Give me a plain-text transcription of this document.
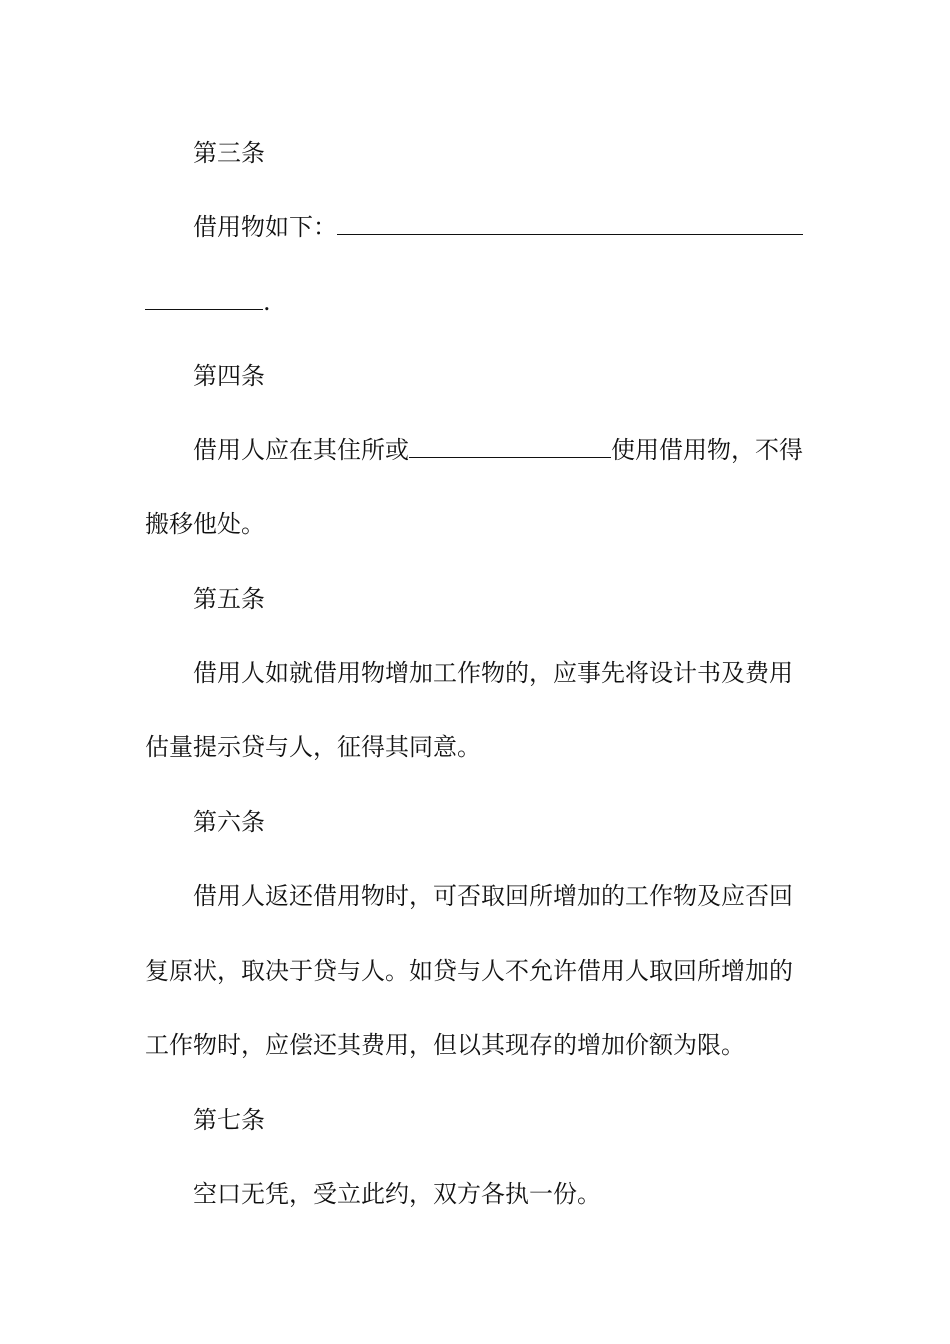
第三条
借用物如下：
.
第四条
借用人应在其住所或	使用借用物，不得
搬移他处。
第五条
借用人如就借用物增加工作物的，应事先将设计书及费用
估量提示贷与人，征得其同意。
第六条
借用人返还借用物时，可否取回所增加的工作物及应否回
复原状，取决于贷与人。如贷与人不允许借用人取回所增加的
工作物时，应偿还其费用，但以其现存的增加价额为限。
第七条
空口无凭，受立此约，双方各执一份。
